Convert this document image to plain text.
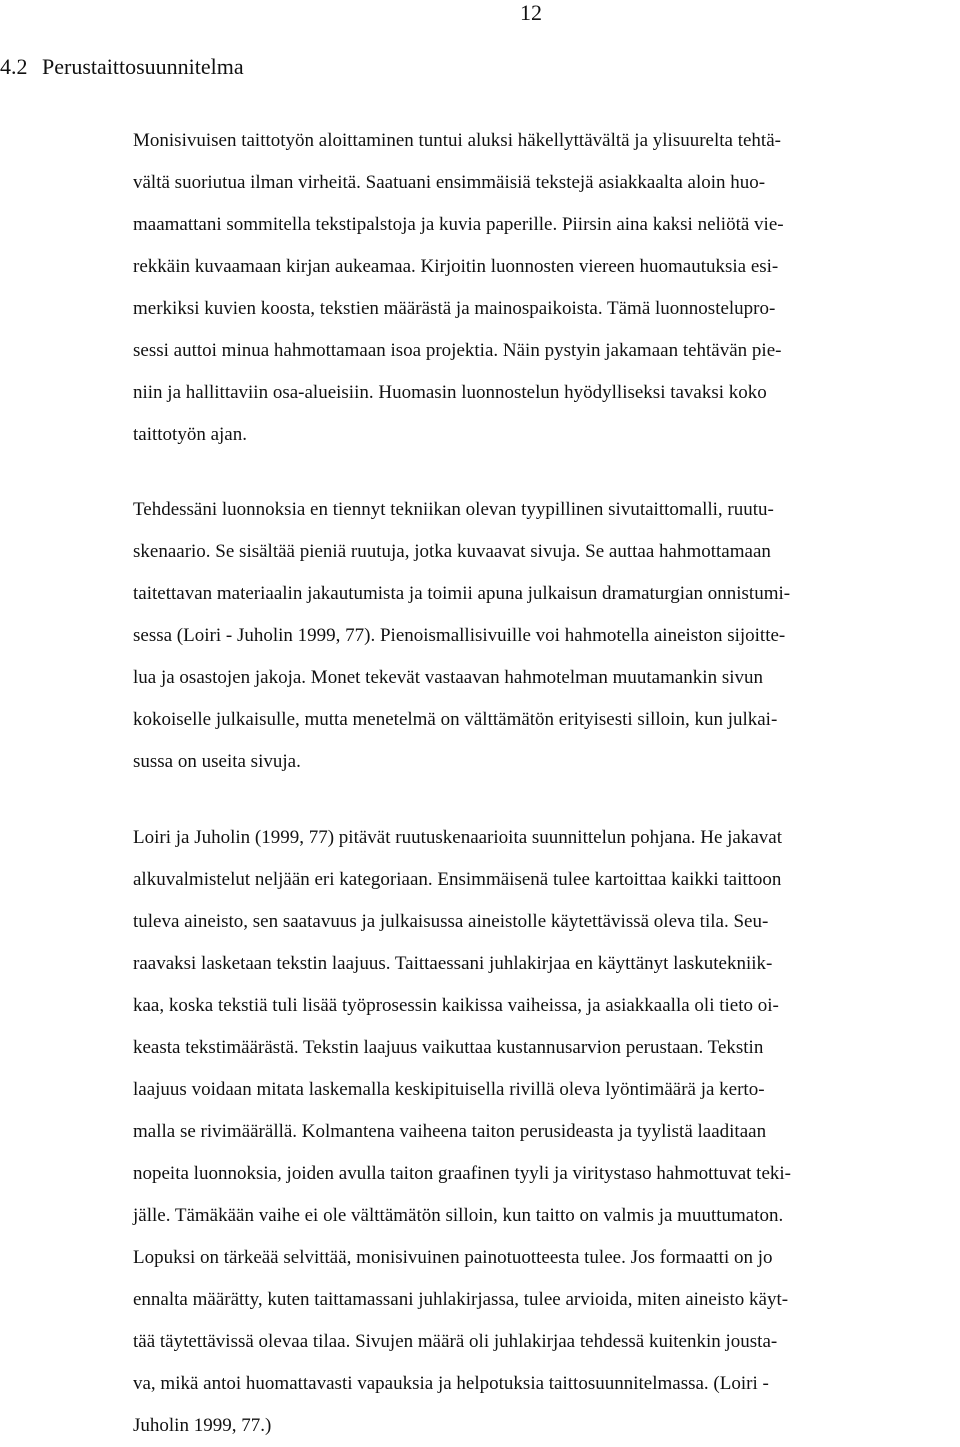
12
4.2 Perustaittosuunnitelma
Monisivuisen taittotyön aloittaminen tuntui aluksi häkellyttävältä ja ylisuurelta tehtä-
vältä suoriutua ilman virheitä. Saatuani ensimmäisiä tekstejä asiakkaalta aloin huo-
maamattani sommitella tekstipalstoja ja kuvia paperille. Piirsin aina kaksi neliötä vie-
rekkäin kuvaamaan kirjan aukeamaa. Kirjoitin luonnosten viereen huomautuksia esi-
merkiksi kuvien koosta, tekstien määrästä ja mainospaikoista. Tämä luonnostelupro-
sessi auttoi minua hahmottamaan isoa projektia. Näin pystyin jakamaan tehtävän pie-
niin ja hallittaviin osa-alueisiin. Huomasin luonnostelun hyödylliseksi tavaksi koko
taittotyön ajan.
Tehdessäni luonnoksia en tiennyt tekniikan olevan tyypillinen sivutaittomalli, ruutu-
skenaario. Se sisältää pieniä ruutuja, jotka kuvaavat sivuja. Se auttaa hahmottamaan
taitettavan materiaalin jakautumista ja toimii apuna julkaisun dramaturgian onnistumi-
sessa (Loiri - Juholin 1999, 77). Pienoismallisivuille voi hahmotella aineiston sijoitte-
lua ja osastojen jakoja. Monet tekevät vastaavan hahmotelman muutamankin sivun
kokoiselle julkaisulle, mutta menetelmä on välttämätön erityisesti silloin, kun julkai-
sussa on useita sivuja.
Loiri ja Juholin (1999, 77) pitävät ruutuskenaarioita suunnittelun pohjana. He jakavat
alkuvalmistelut neljään eri kategoriaan. Ensimmäisenä tulee kartoittaa kaikki taittoon
tuleva aineisto, sen saatavuus ja julkaisussa aineistolle käytettävissä oleva tila. Seu-
raavaksi lasketaan tekstin laajuus. Taittaessani juhlakirjaa en käyttänyt laskutekniik-
kaa, koska tekstiä tuli lisää työprosessin kaikissa vaiheissa, ja asiakkaalla oli tieto oi-
keasta tekstimäärästä. Tekstin laajuus vaikuttaa kustannusarvion perustaan. Tekstin
laajuus voidaan mitata laskemalla keskipituisella rivillä oleva lyöntimäärä ja kerto-
malla se rivimäärällä. Kolmantena vaiheena taiton perusideasta ja tyylistä laaditaan
nopeita luonnoksia, joiden avulla taiton graafinen tyyli ja viritystaso hahmottuvat teki-
jälle. Tämäkään vaihe ei ole välttämätön silloin, kun taitto on valmis ja muuttumaton.
Lopuksi on tärkeää selvittää, monisivuinen painotuotteesta tulee. Jos formaatti on jo
ennalta määrätty, kuten taittamassani juhlakirjassa, tulee arvioida, miten aineisto käyt-
tää täytettävissä olevaa tilaa. Sivujen määrä oli juhlakirjaa tehdessä kuitenkin jousta-
va, mikä antoi huomattavasti vapauksia ja helpotuksia taittosuunnitelmassa. (Loiri -
Juholin 1999, 77.)
